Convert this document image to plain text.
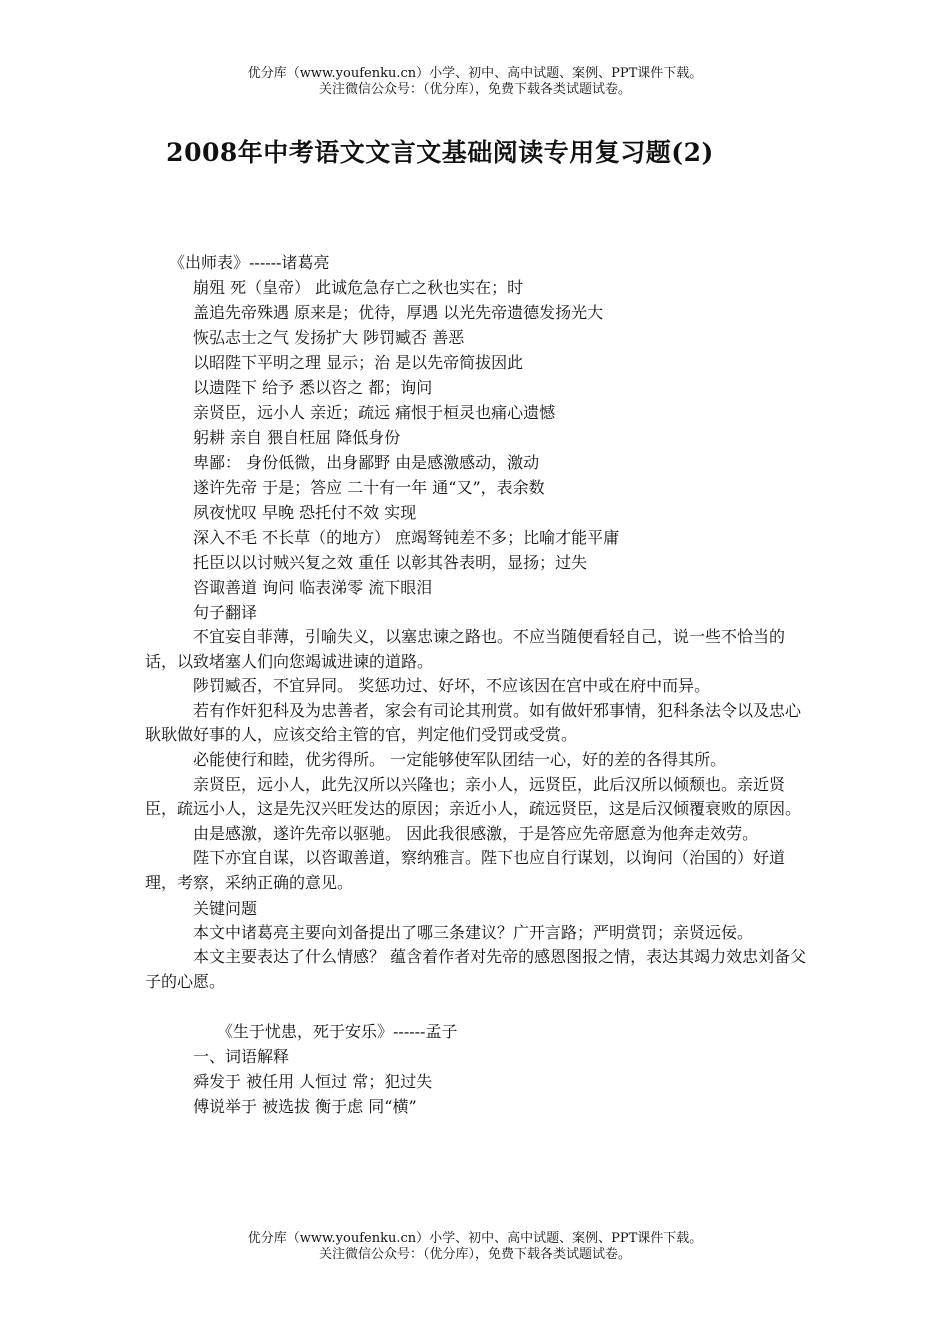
优分库（www.youfenku.cn）小学、初中、高中试题、案例、PPT课件下载。
关注微信公众号：（优分库），免费下载各类试题试卷。
2008年中考语文文言文基础阅读专用复习题(2)

《出师表》------诸葛亮

崩殂 死（皇帝） 此诚危急存亡之秋也实在；时

盖追先帝殊遇 原来是；优待，厚遇 以光先帝遗德发扬光大

恢弘志士之气 发扬扩大 陟罚臧否 善恶

以昭陛下平明之理 显示；治 是以先帝简拔因此

以遗陛下 给予 悉以咨之 都；询问

亲贤臣，远小人 亲近；疏远 痛恨于桓灵也痛心遗憾

躬耕 亲自 猥自枉屈 降低身份

卑鄙： 身份低微，出身鄙野 由是感激感动，激动

遂许先帝 于是；答应 二十有一年 通“又”，表余数

夙夜忧叹 早晚 恐托付不效 实现

深入不毛 不长草（的地方） 庶竭驽钝差不多；比喻才能平庸

托臣以以讨贼兴复之效 重任 以彰其咎表明，显扬；过失

咨诹善道 询问 临表涕零 流下眼泪

句子翻译

不宜妄自菲薄，引喻失义，以塞忠谏之路也。不应当随便看轻自己，说一些不恰当的话，以致堵塞人们向您竭诚进谏的道路。

陟罚臧否，不宜异同。 奖惩功过、好坏，不应该因在宫中或在府中而异。

若有作奸犯科及为忠善者，家会有司论其刑赏。如有做奸邪事情，犯科条法令以及忠心耿耿做好事的人，应该交给主管的官，判定他们受罚或受赏。

必能使行和睦，优劣得所。 一定能够使军队团结一心，好的差的各得其所。

亲贤臣，远小人，此先汉所以兴隆也；亲小人，远贤臣，此后汉所以倾颓也。亲近贤臣，疏远小人，这是先汉兴旺发达的原因；亲近小人，疏远贤臣，这是后汉倾覆衰败的原因。

由是感激，遂许先帝以驱驰。 因此我很感激，于是答应先帝愿意为他奔走效劳。

陛下亦宜自谋，以咨诹善道，察纳雅言。陛下也应自行谋划，以询问（治国的）好道理，考察，采纳正确的意见。

关键问题

本文中诸葛亮主要向刘备提出了哪三条建议？广开言路；严明赏罚；亲贤远佞。

本文主要表达了什么情感？ 蕴含着作者对先帝的感恩图报之情，表达其竭力效忠刘备父子的心愿。

《生于忧患，死于安乐》------孟子

一、词语解释

舜发于 被任用 人恒过 常；犯过失

傅说举于 被选拔 衡于虑 同“横”

优分库（www.youfenku.cn）小学、初中、高中试题、案例、PPT课件下载。
关注微信公众号：（优分库），免费下载各类试题试卷。
